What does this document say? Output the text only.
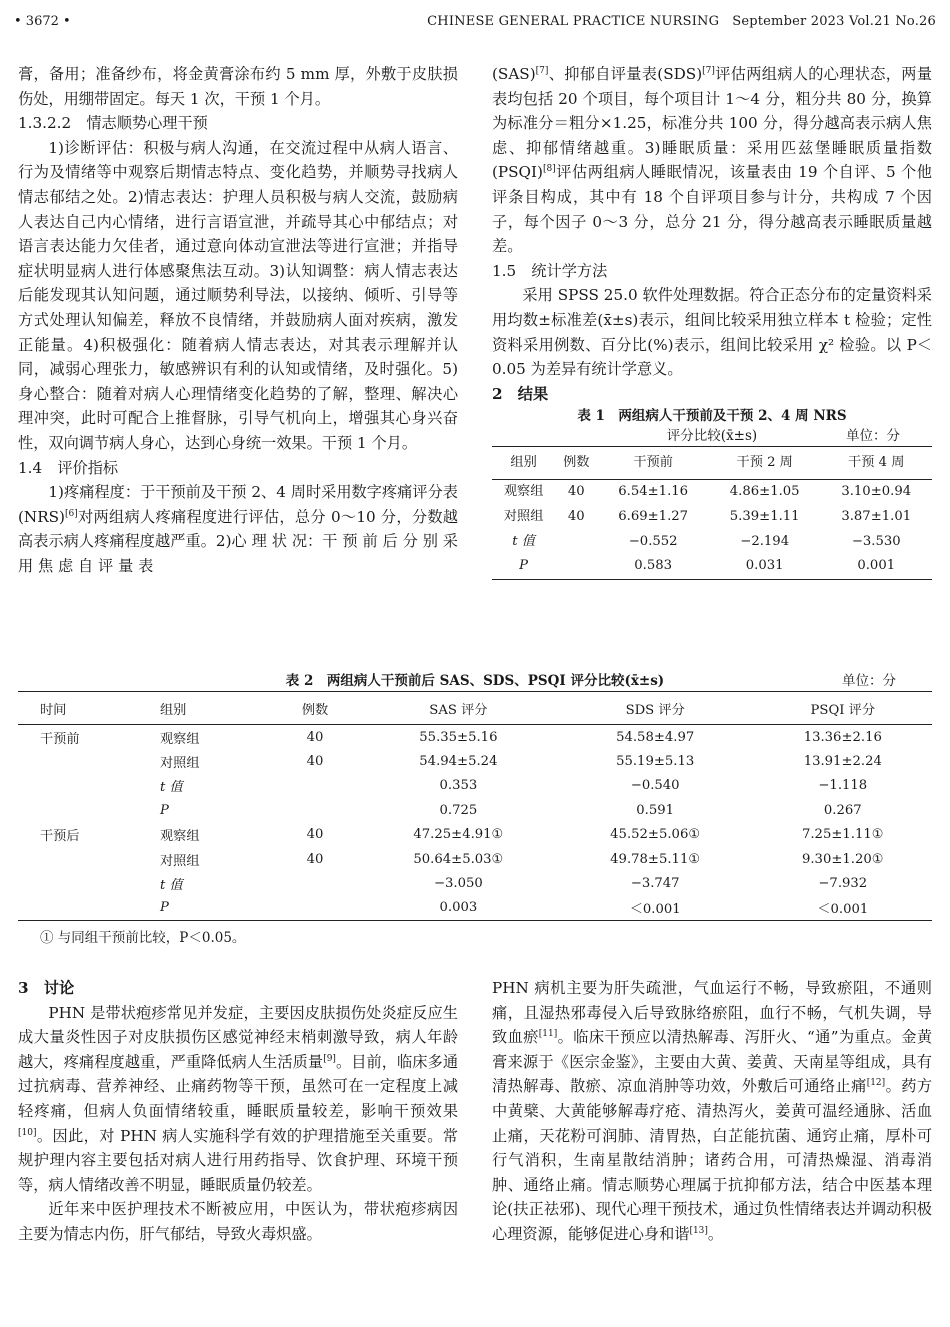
• 3672 •	CHINESE GENERAL PRACTICE NURSING   September 2023 Vol.21 No.26

膏，备用；准备纱布，将金黄膏涂布约 5 mm 厚，外敷于皮肤损伤处，用绷带固定。每天 1 次，干预 1 个月。

1.3.2.2　情志顺势心理干预

1)诊断评估：积极与病人沟通，在交流过程中从病人语言、行为及情绪等中观察后期情志特点、变化趋势，并顺势寻找病人情志郁结之处。2)情志表达：护理人员积极与病人交流，鼓励病人表达自己内心情绪，进行言语宣泄，并疏导其心中郁结点；对语言表达能力欠佳者，通过意向体动宣泄法等进行宣泄；并指导症状明显病人进行体感聚焦法互动。3)认知调整：病人情志表达后能发现其认知问题，通过顺势利导法，以接纳、倾听、引导等方式处理认知偏差，释放不良情绪，并鼓励病人面对疾病，激发正能量。4)积极强化：随着病人情志表达，对其表示理解并认同，减弱心理张力，敏感辨识有利的认知或情绪，及时强化。5)身心整合：随着对病人心理情绪变化趋势的了解，整理、解决心理冲突，此时可配合上推督脉，引导气机向上，增强其心身兴奋性，双向调节病人身心，达到心身统一效果。干预 1 个月。

1.4　评价指标

1)疼痛程度：于干预前及干预 2、4 周时采用数字疼痛评分表(NRS)[6]对两组病人疼痛程度进行评估，总分 0～10 分，分数越高表示病人疼痛程度越严重。2)心 理 状 况：干 预 前 后 分 别 采 用 焦 虑 自 评 量 表

(SAS)[7]、抑郁自评量表(SDS)[7]评估两组病人的心理状态，两量表均包括 20 个项目，每个项目计 1～4 分，粗分共 80 分，换算为标准分＝粗分×1.25，标准分共 100 分，得分越高表示病人焦虑、抑郁情绪越重。3)睡眠质量：采用匹兹堡睡眠质量指数(PSQI)[8]评估两组病人睡眠情况，该量表由 19 个自评、5 个他评条目构成，其中有 18 个自评项目参与计分，共构成 7 个因子，每个因子 0～3 分，总分 21 分，得分越高表示睡眠质量越差。

1.5　统计学方法

采用 SPSS 25.0 软件处理数据。符合正态分布的定量资料采用均数±标准差(x̄±s)表示，组间比较采用独立样本 t 检验；定性资料采用例数、百分比(%)表示，组间比较采用 χ² 检验。以 P＜0.05 为差异有统计学意义。

2　结果

表 1　两组病人干预前及干预 2、4 周 NRS
评分比较(x̄±s)	单位：分
组别	例数	干预前	干预 2 周	干预 4 周
观察组	40	6.54±1.16	4.86±1.05	3.10±0.94
对照组	40	6.69±1.27	5.39±1.11	3.87±1.01
t 值		−0.552	−2.194	−3.530
P		0.583	0.031	0.001
表 2　两组病人干预前后 SAS、SDS、PSQI 评分比较(x̄±s)	单位：分
时间	组别	例数	SAS 评分	SDS 评分	PSQI 评分
干预前	观察组	40	55.35±5.16	54.58±4.97	13.36±2.16
	对照组	40	54.94±5.24	55.19±5.13	13.91±2.24
	t 值		0.353	−0.540	−1.118
	P		0.725	0.591	0.267
干预后	观察组	40	47.25±4.91①	45.52±5.06①	7.25±1.11①
	对照组	40	50.64±5.03①	49.78±5.11①	9.30±1.20①
	t 值		−3.050	−3.747	−7.932
	P		0.003	＜0.001	＜0.001
① 与同组干预前比较，P＜0.05。

3　讨论

PHN 是带状疱疹常见并发症，主要因皮肤损伤处炎症反应生成大量炎性因子对皮肤损伤区感觉神经末梢刺激导致，病人年龄越大，疼痛程度越重，严重降低病人生活质量[9]。目前，临床多通过抗病毒、营养神经、止痛药物等干预，虽然可在一定程度上减轻疼痛，但病人负面情绪较重，睡眠质量较差，影响干预效果[10]。因此，对 PHN 病人实施科学有效的护理措施至关重要。常规护理内容主要包括对病人进行用药指导、饮食护理、环境干预等，病人情绪改善不明显，睡眠质量仍较差。

近年来中医护理技术不断被应用，中医认为，带状疱疹病因主要为情志内伤，肝气郁结，导致火毒炽盛。

PHN 病机主要为肝失疏泄，气血运行不畅，导致瘀阻，不通则痛，且湿热邪毒侵入后导致脉络瘀阻，血行不畅，气机失调，导致血瘀[11]。临床干预应以清热解毒、泻肝火、“通”为重点。金黄膏来源于《医宗金鉴》，主要由大黄、姜黄、天南星等组成，具有清热解毒、散瘀、凉血消肿等功效，外敷后可通络止痛[12]。药方中黄檗、大黄能够解毒疗疮、清热泻火，姜黄可温经通脉、活血止痛，天花粉可润肺、清胃热，白芷能抗菌、通窍止痛，厚朴可行气消积，生南星散结消肿；诸药合用，可清热燥湿、消毒消肿、通络止痛。情志顺势心理属于抗抑郁方法，结合中医基本理论(扶正祛邪)、现代心理干预技术，通过负性情绪表达并调动积极心理资源，能够促进心身和谐[13]。
